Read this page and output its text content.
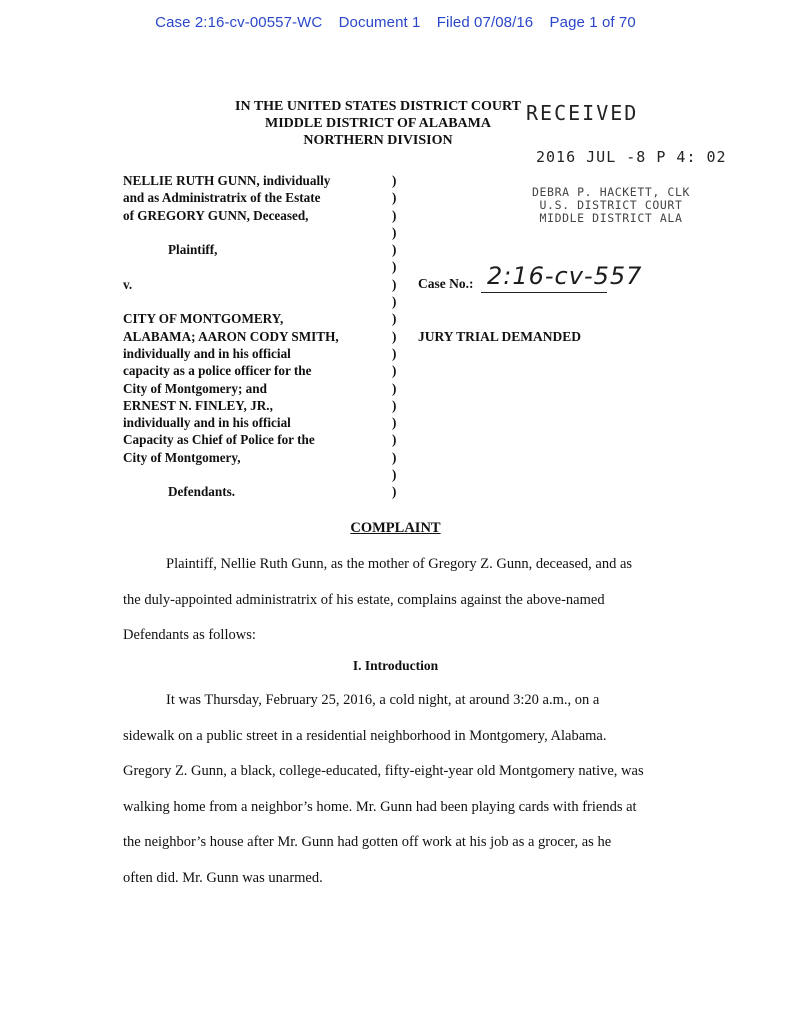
Case 2:16-cv-00557-WC Document 1 Filed 07/08/16 Page 1 of 70
IN THE UNITED STATES DISTRICT COURT
MIDDLE DISTRICT OF ALABAMA
NORTHERN DIVISION
RECEIVED
2016 JUL -8 P 4: 02
DEBRA P. HACKETT, CLK
U.S. DISTRICT COURT
MIDDLE DISTRICT ALA
NELLIE RUTH GUNN, individually
and as Administratrix of the Estate
of GREGORY GUNN, Deceased,
Plaintiff,
v.
CITY OF MONTGOMERY,
ALABAMA; AARON CODY SMITH,
individually and in his official
capacity as a police officer for the
City of Montgomery; and
ERNEST N. FINLEY, JR.,
individually and in his official
Capacity as Chief of Police for the
City of Montgomery,
Defendants.
)
)
)
)
)
)
)
)
)
)
)
)
)
)
)
)
)
)
)
Case No.: 2:16-cv-557
JURY TRIAL DEMANDED
COMPLAINT
Plaintiff, Nellie Ruth Gunn, as the mother of Gregory Z. Gunn, deceased, and as
the duly-appointed administratrix of his estate, complains against the above-named
Defendants as follows:
I. Introduction
It was Thursday, February 25, 2016, a cold night, at around 3:20 a.m., on a
sidewalk on a public street in a residential neighborhood in Montgomery, Alabama.
Gregory Z. Gunn, a black, college-educated, fifty-eight-year old Montgomery native, was
walking home from a neighbor’s home. Mr. Gunn had been playing cards with friends at
the neighbor’s house after Mr. Gunn had gotten off work at his job as a grocer, as he
often did. Mr. Gunn was unarmed.
